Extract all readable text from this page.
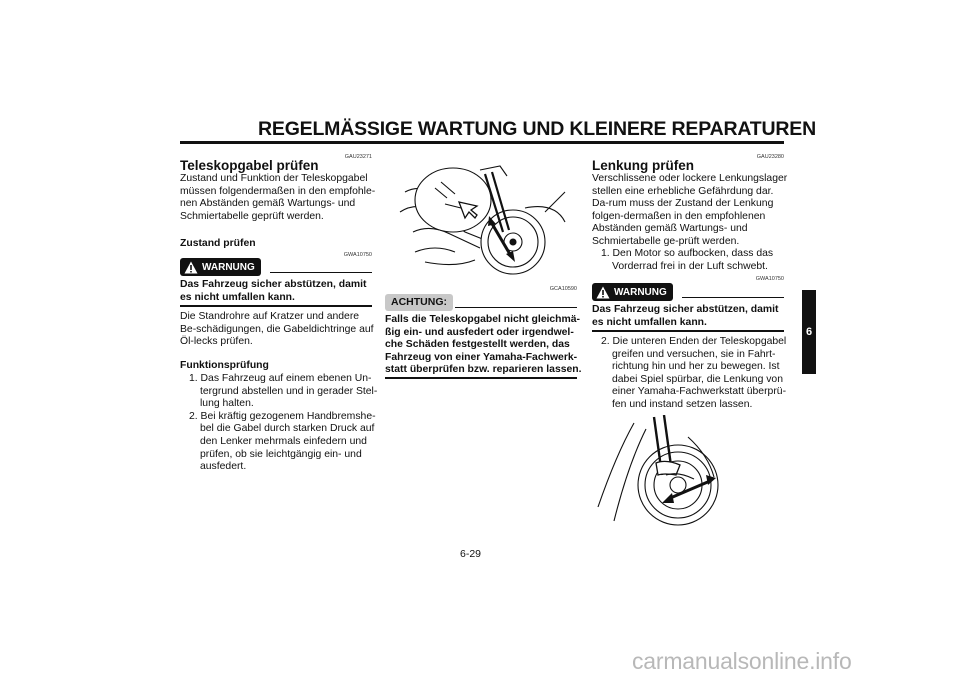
REGELMÄSSIGE WARTUNG UND KLEINERE REPARATUREN
GAU23271
Teleskopgabel prüfen
Zustand und Funktion der Teleskopgabel müssen folgendermaßen in den empfohle-nen Abständen gemäß Wartungs- und Schmiertabelle geprüft werden.
Zustand prüfen
WARNUNG
GWA10750
Das Fahrzeug sicher abstützen, damit es nicht umfallen kann.
Die Standrohre auf Kratzer und andere Be-schädigungen, die Gabeldichtringe auf Öl-lecks prüfen.
Funktionsprüfung
1. Das Fahrzeug auf einem ebenen Un-tergrund abstellen und in gerader Stel-lung halten.
2. Bei kräftig gezogenem Handbremshe-bel die Gabel durch starken Druck auf den Lenker mehrmals einfedern und prüfen, ob sie leichtgängig ein- und ausfedert.
GCA10590
ACHTUNG:
Falls die Teleskopgabel nicht gleichmä-ßig ein- und ausfedert oder irgendwel-che Schäden festgestellt werden, das Fahrzeug von einer Yamaha-Fachwerk-statt überprüfen bzw. reparieren lassen.
GAU23280
Lenkung prüfen
Verschlissene oder lockere Lenkungslager stellen eine erhebliche Gefährdung dar. Da-rum muss der Zustand der Lenkung folgen-dermaßen in den empfohlenen Abständen gemäß Wartungs- und Schmiertabelle ge-prüft werden.
1. Den Motor so aufbocken, dass das Vorderrad frei in der Luft schwebt.
GWA10750
WARNUNG
Das Fahrzeug sicher abstützen, damit es nicht umfallen kann.
2. Die unteren Enden der Teleskopgabel greifen und versuchen, sie in Fahrt-richtung hin und her zu bewegen. Ist dabei Spiel spürbar, die Lenkung von einer Yamaha-Fachwerkstatt überprü-fen und instand setzen lassen.
6
6-29
carmanualsonline.info
